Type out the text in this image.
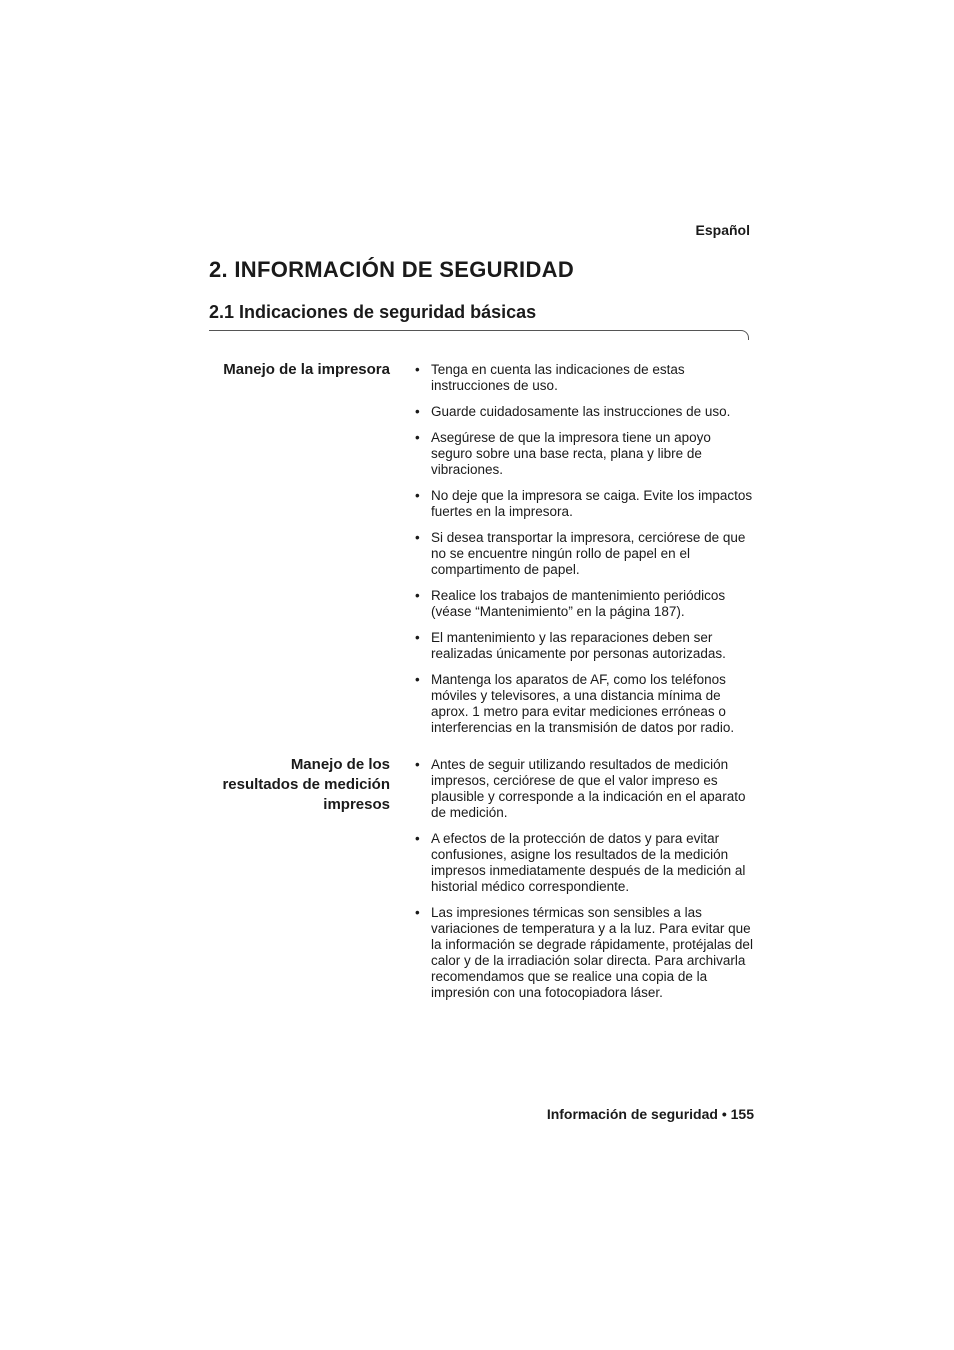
Español
2. INFORMACIÓN DE SEGURIDAD
2.1 Indicaciones de seguridad básicas
Manejo de la impresora • Tenga en cuenta las indicaciones de estas instrucciones de uso.
• Guarde cuidadosamente las instrucciones de uso.
• Asegúrese de que la impresora tiene un apoyo seguro sobre una base recta, plana y libre de vibraciones.
• No deje que la impresora se caiga. Evite los impactos fuertes en la impresora.
• Si desea transportar la impresora, cerciórese de que no se encuentre ningún rollo de papel en el compartimento de papel.
• Realice los trabajos de mantenimiento periódicos (véase “Mantenimiento” en la página 187).
• El mantenimiento y las reparaciones deben ser realizadas únicamente por personas autorizadas.
• Mantenga los aparatos de AF, como los teléfonos móviles y televisores, a una distancia mínima de aprox. 1 metro para evitar mediciones erróneas o interferencias en la transmisión de datos por radio.
Manejo de los
resultados de medición
impresos
• Antes de seguir utilizando resultados de medición impresos, cerciórese de que el valor impreso es plausible y corresponde a la indicación en el aparato de medición.
• A efectos de la protección de datos y para evitar confusiones, asigne los resultados de la medición impresos inmediatamente después de la medición al historial médico correspondiente.
• Las impresiones térmicas son sensibles a las variaciones de temperatura y a la luz. Para evitar que la información se degrade rápidamente, protéjalas del calor y de la irradiación solar directa. Para archivarla recomendamos que se realice una copia de la impresión con una fotocopiadora láser.
Información de seguridad • 155
